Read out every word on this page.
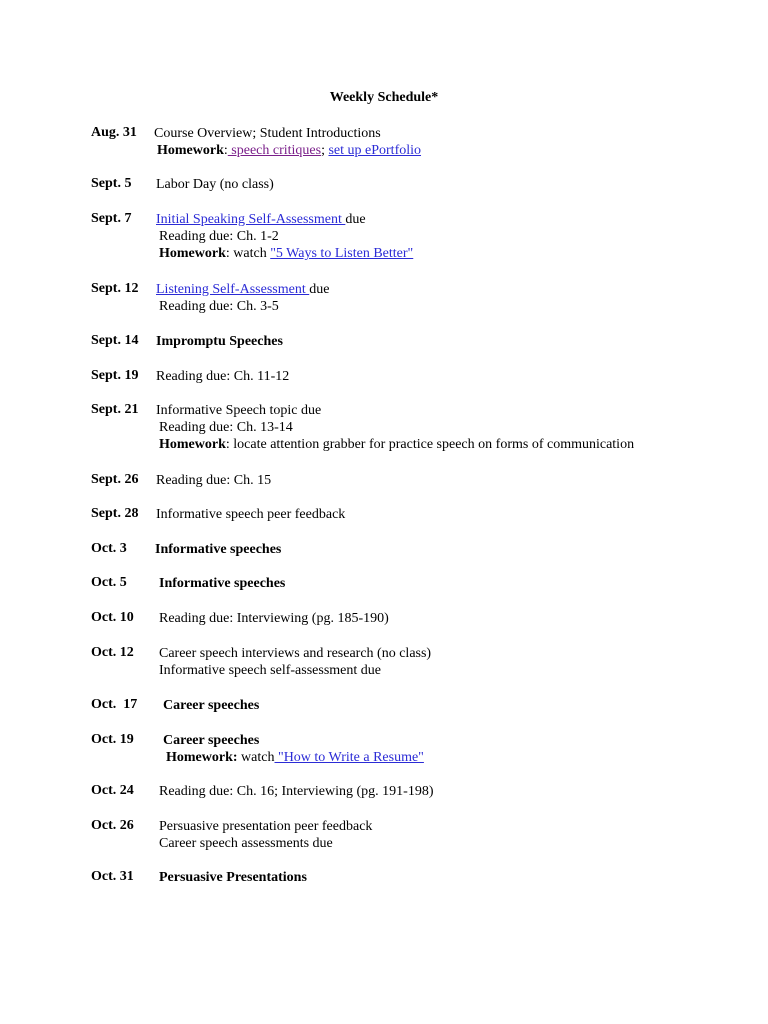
Weekly Schedule*
Aug. 31 Course Overview; Student Introductions
Homework: speech critiques; set up ePortfolio
Sept. 5 Labor Day (no class)
Sept. 7 Initial Speaking Self-Assessment due
Reading due: Ch. 1-2
Homework: watch "5 Ways to Listen Better"
Sept. 12 Listening Self-Assessment due
Reading due: Ch. 3-5
Sept. 14 Impromptu Speeches
Sept. 19 Reading due: Ch. 11-12
Sept. 21 Informative Speech topic due
Reading due: Ch. 13-14
Homework: locate attention grabber for practice speech on forms of communication
Sept. 26 Reading due: Ch. 15
Sept. 28 Informative speech peer feedback
Oct. 3 Informative speeches
Oct. 5 Informative speeches
Oct. 10 Reading due: Interviewing (pg. 185-190)
Oct. 12 Career speech interviews and research (no class)
Informative speech self-assessment due
Oct.  17 Career speeches
Oct. 19 Career speeches
Homework: watch "How to Write a Resume"
Oct. 24 Reading due: Ch. 16; Interviewing (pg. 191-198)
Oct. 26 Persuasive presentation peer feedback
Career speech assessments due
Oct. 31 Persuasive Presentations
